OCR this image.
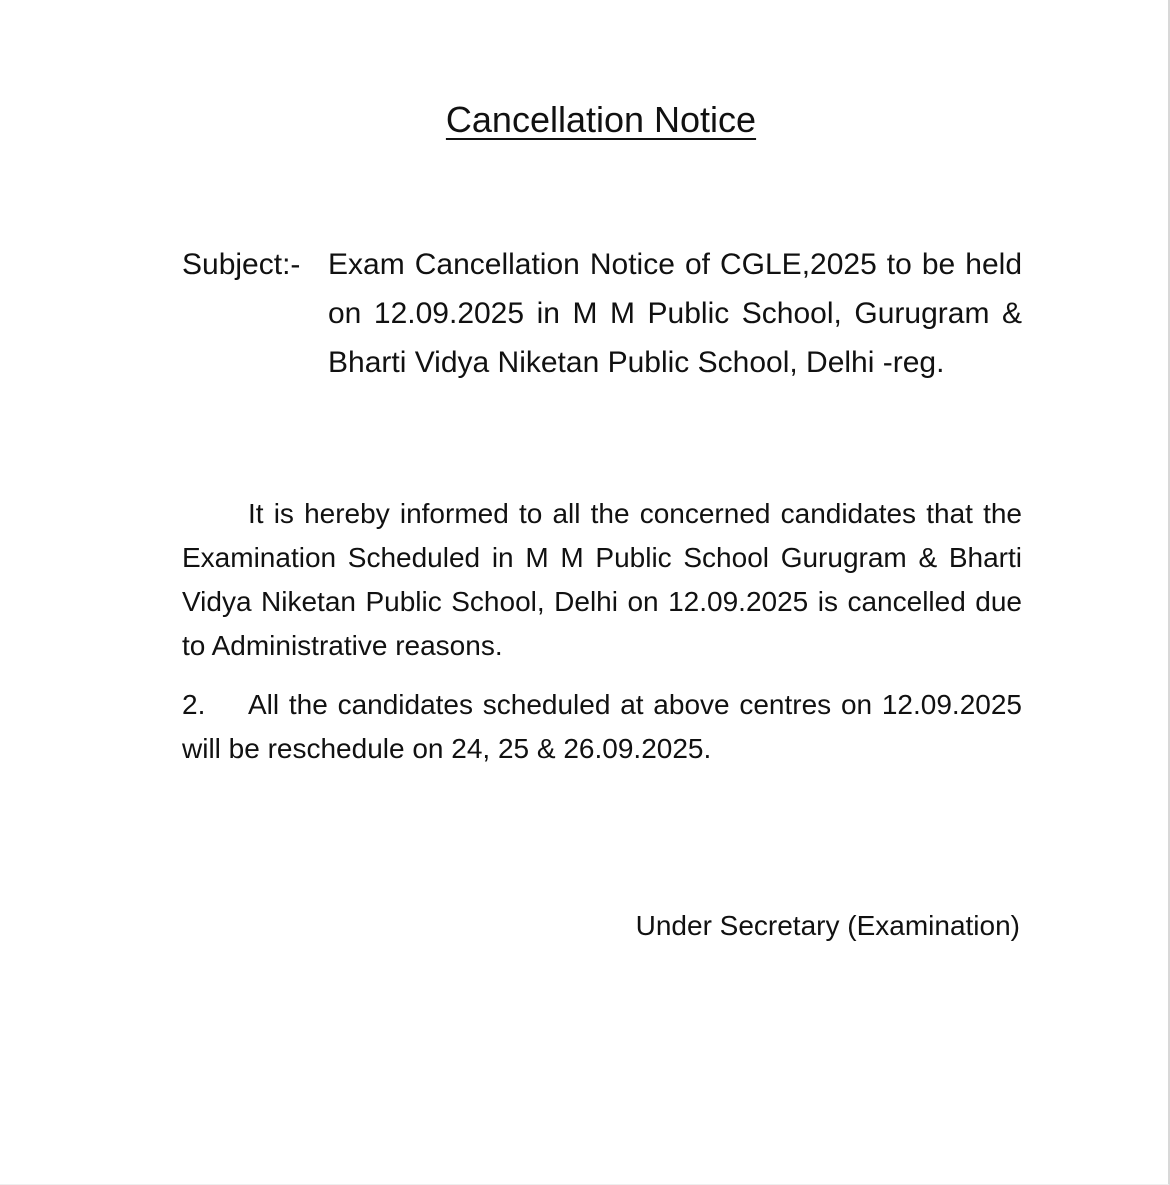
Cancellation Notice
Subject:- Exam Cancellation Notice of CGLE,2025 to be held on 12.09.2025 in M M Public School, Gurugram & Bharti Vidya Niketan Public School, Delhi -reg.

It is hereby informed to all the concerned candidates that the Examination Scheduled in M M Public School Gurugram & Bharti Vidya Niketan Public School, Delhi on 12.09.2025 is cancelled due to Administrative reasons.

2. All the candidates scheduled at above centres on 12.09.2025 will be reschedule on 24, 25 & 26.09.2025.

Under Secretary (Examination)
